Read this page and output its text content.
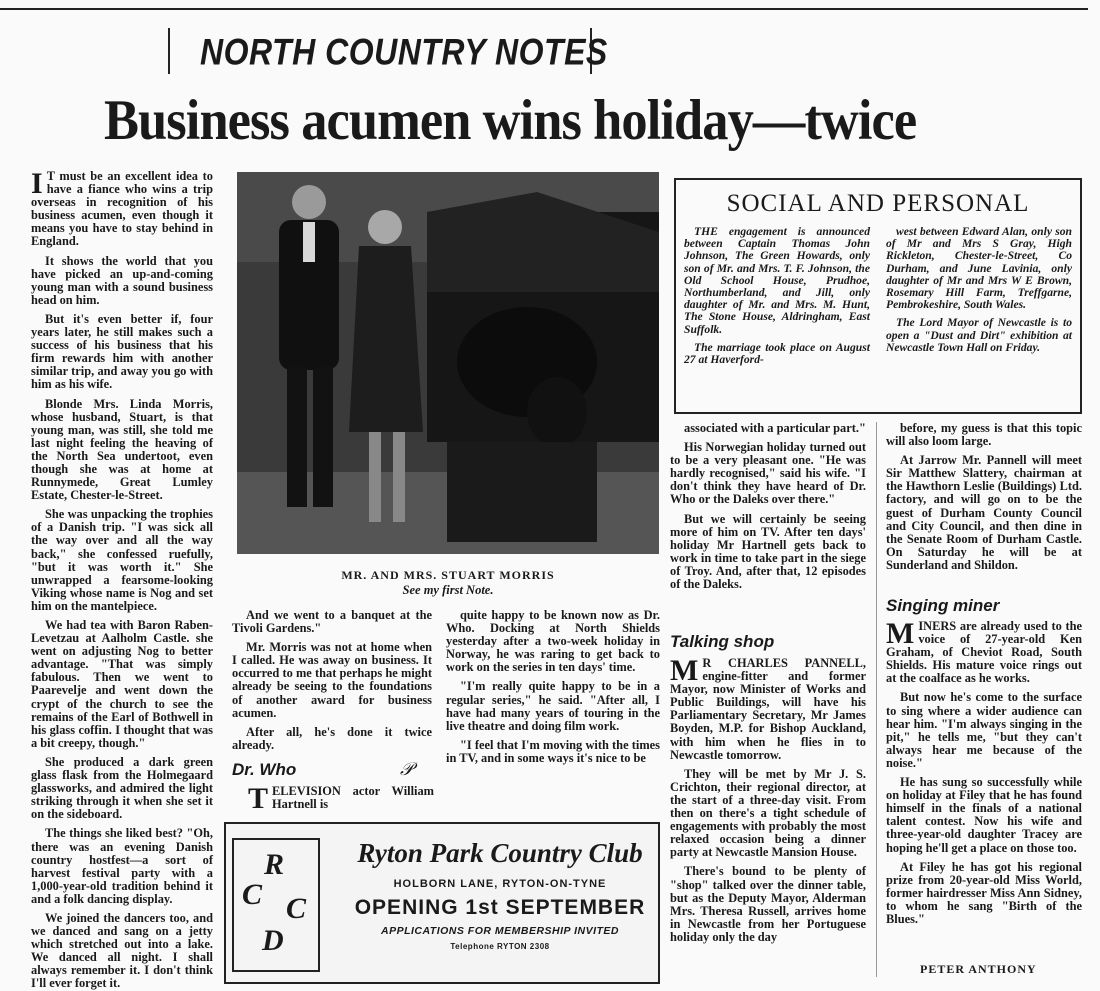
NORTH COUNTRY NOTES
Business acumen wins holiday—twice

I T must be an excellent idea to have a fiance who wins a trip overseas in recognition of his business acumen, even though it means you have to stay behind in England.

It shows the world that you have picked an up-and-coming young man with a sound business head on him.

But it's even better if, four years later, he still makes such a success of his business that his firm rewards him with another similar trip, and away you go with him as his wife.

Blonde Mrs. Linda Morris, whose husband, Stuart, is that young man, was still, she told me last night feeling the heaving of the North Sea undertoot, even though she was at home at Runnymede, Great Lumley Estate, Chester-le-Street.

She was unpacking the trophies of a Danish trip. "I was sick all the way over and all the way back," she confessed ruefully, "but it was worth it." She unwrapped a fearsome-looking Viking whose name is Nog and set him on the mantelpiece.

We had tea with Baron Raben-Levetzau at Aalholm Castle. she went on adjusting Nog to better advantage. "That was simply fabulous. Then we went to Paarevelje and went down the crypt of the church to see the remains of the Earl of Bothwell in his glass coffin. I thought that was a bit creepy, though."

She produced a dark green glass flask from the Holmegaard glassworks, and admired the light striking through it when she set it on the sideboard.

The things she liked best? "Oh, there was an evening Danish country hostfest—a sort of harvest festival party with a 1,000-year-old tradition behind it and a folk dancing display.

We joined the dancers too, and we danced and sang on a jetty which stretched out into a lake. We danced all night. I shall always remember it. I don't think I'll ever forget it.

MR. AND MRS. STUART MORRIS
See my first Note.

And we went to a banquet at the Tivoli Gardens."

Mr. Morris was not at home when I called. He was away on business. It occurred to me that perhaps he might already be seeing to the foundations of another award for business acumen.

After all, he's done it twice already.

Dr. Who	𝒫

TELEVISION actor William Hartnell is

quite happy to be known now as Dr. Who. Docking at North Shields yesterday after a two-week holiday in Norway, he was raring to get back to work on the series in ten days' time.

"I'm really quite happy to be in a regular series," he said. "After all, I have had many years of touring in the live theatre and doing film work.

"I feel that I'm moving with the times in TV, and in some ways it's nice to be

SOCIAL AND PERSONAL

THE engagement is announced between Captain Thomas John Johnson, The Green Howards, only son of Mr. and Mrs. T. F. Johnson, the Old School House, Prudhoe, Northumberland, and Jill, only daughter of Mr. and Mrs. M. Hunt, The Stone House, Aldringham, East Suffolk.

The marriage took place on August 27 at Haverford-

west between Edward Alan, only son of Mr and Mrs S Gray, High Rickleton, Chester-le-Street, Co Durham, and June Lavinia, only daughter of Mr and Mrs W E Brown, Rosemary Hill Farm, Treffgarne, Pembrokeshire, South Wales.

The Lord Mayor of Newcastle is to open a "Dust and Dirt" exhibition at Newcastle Town Hall on Friday.

associated with a particular part."

His Norwegian holiday turned out to be a very pleasant one. "He was hardly recognised," said his wife. "I don't think they have heard of Dr. Who or the Daleks over there."

But we will certainly be seeing more of him on TV. After ten days' holiday Mr Hartnell gets back to work in time to take part in the siege of Troy. And, after that, 12 episodes of the Daleks.

Talking shop

M R CHARLES PANNELL, engine-fitter and former Mayor, now Minister of Works and Public Buildings, will have his Parliamentary Secretary, Mr James Boyden, M.P. for Bishop Auckland, with him when he flies in to Newcastle tomorrow.

They will be met by Mr J. S. Crichton, their regional director, at the start of a three-day visit. From then on there's a tight schedule of engagements with probably the most relaxed occasion being a dinner party at Newcastle Mansion House.

There's bound to be plenty of "shop" talked over the dinner table, but as the Deputy Mayor, Alderman Mrs. Theresa Russell, arrives home in Newcastle from her Portuguese holiday only the day

before, my guess is that this topic will also loom large.

At Jarrow Mr. Pannell will meet Sir Matthew Slattery, chairman at the Hawthorn Leslie (Buildings) Ltd. factory, and will go on to be the guest of Durham County Council and City Council, and then dine in the Senate Room of Durham Castle. On Saturday he will be at Sunderland and Shildon.

Singing miner

MINERS are already used to the voice of 27-year-old Ken Graham, of Cheviot Road, South Shields. His mature voice rings out at the coalface as he works.

But now he's come to the surface to sing where a wider audience can hear him. "I'm always singing in the pit," he tells me, "but they can't always hear me because of the noise."

He has sung so successfully while on holiday at Filey that he has found himself in the finals of a national talent contest. Now his wife and three-year-old daughter Tracey are hoping he'll get a place on those too.

At Filey he has got his regional prize from 20-year-old Miss World, former hairdresser Miss Ann Sidney, to whom he sang "Birth of the Blues."

PETER ANTHONY
R
C C
D
Ryton Park Country Club
HOLBORN LANE, RYTON-ON-TYNE
OPENING 1st SEPTEMBER
APPLICATIONS FOR MEMBERSHIP INVITED
Telephone RYTON 2308
